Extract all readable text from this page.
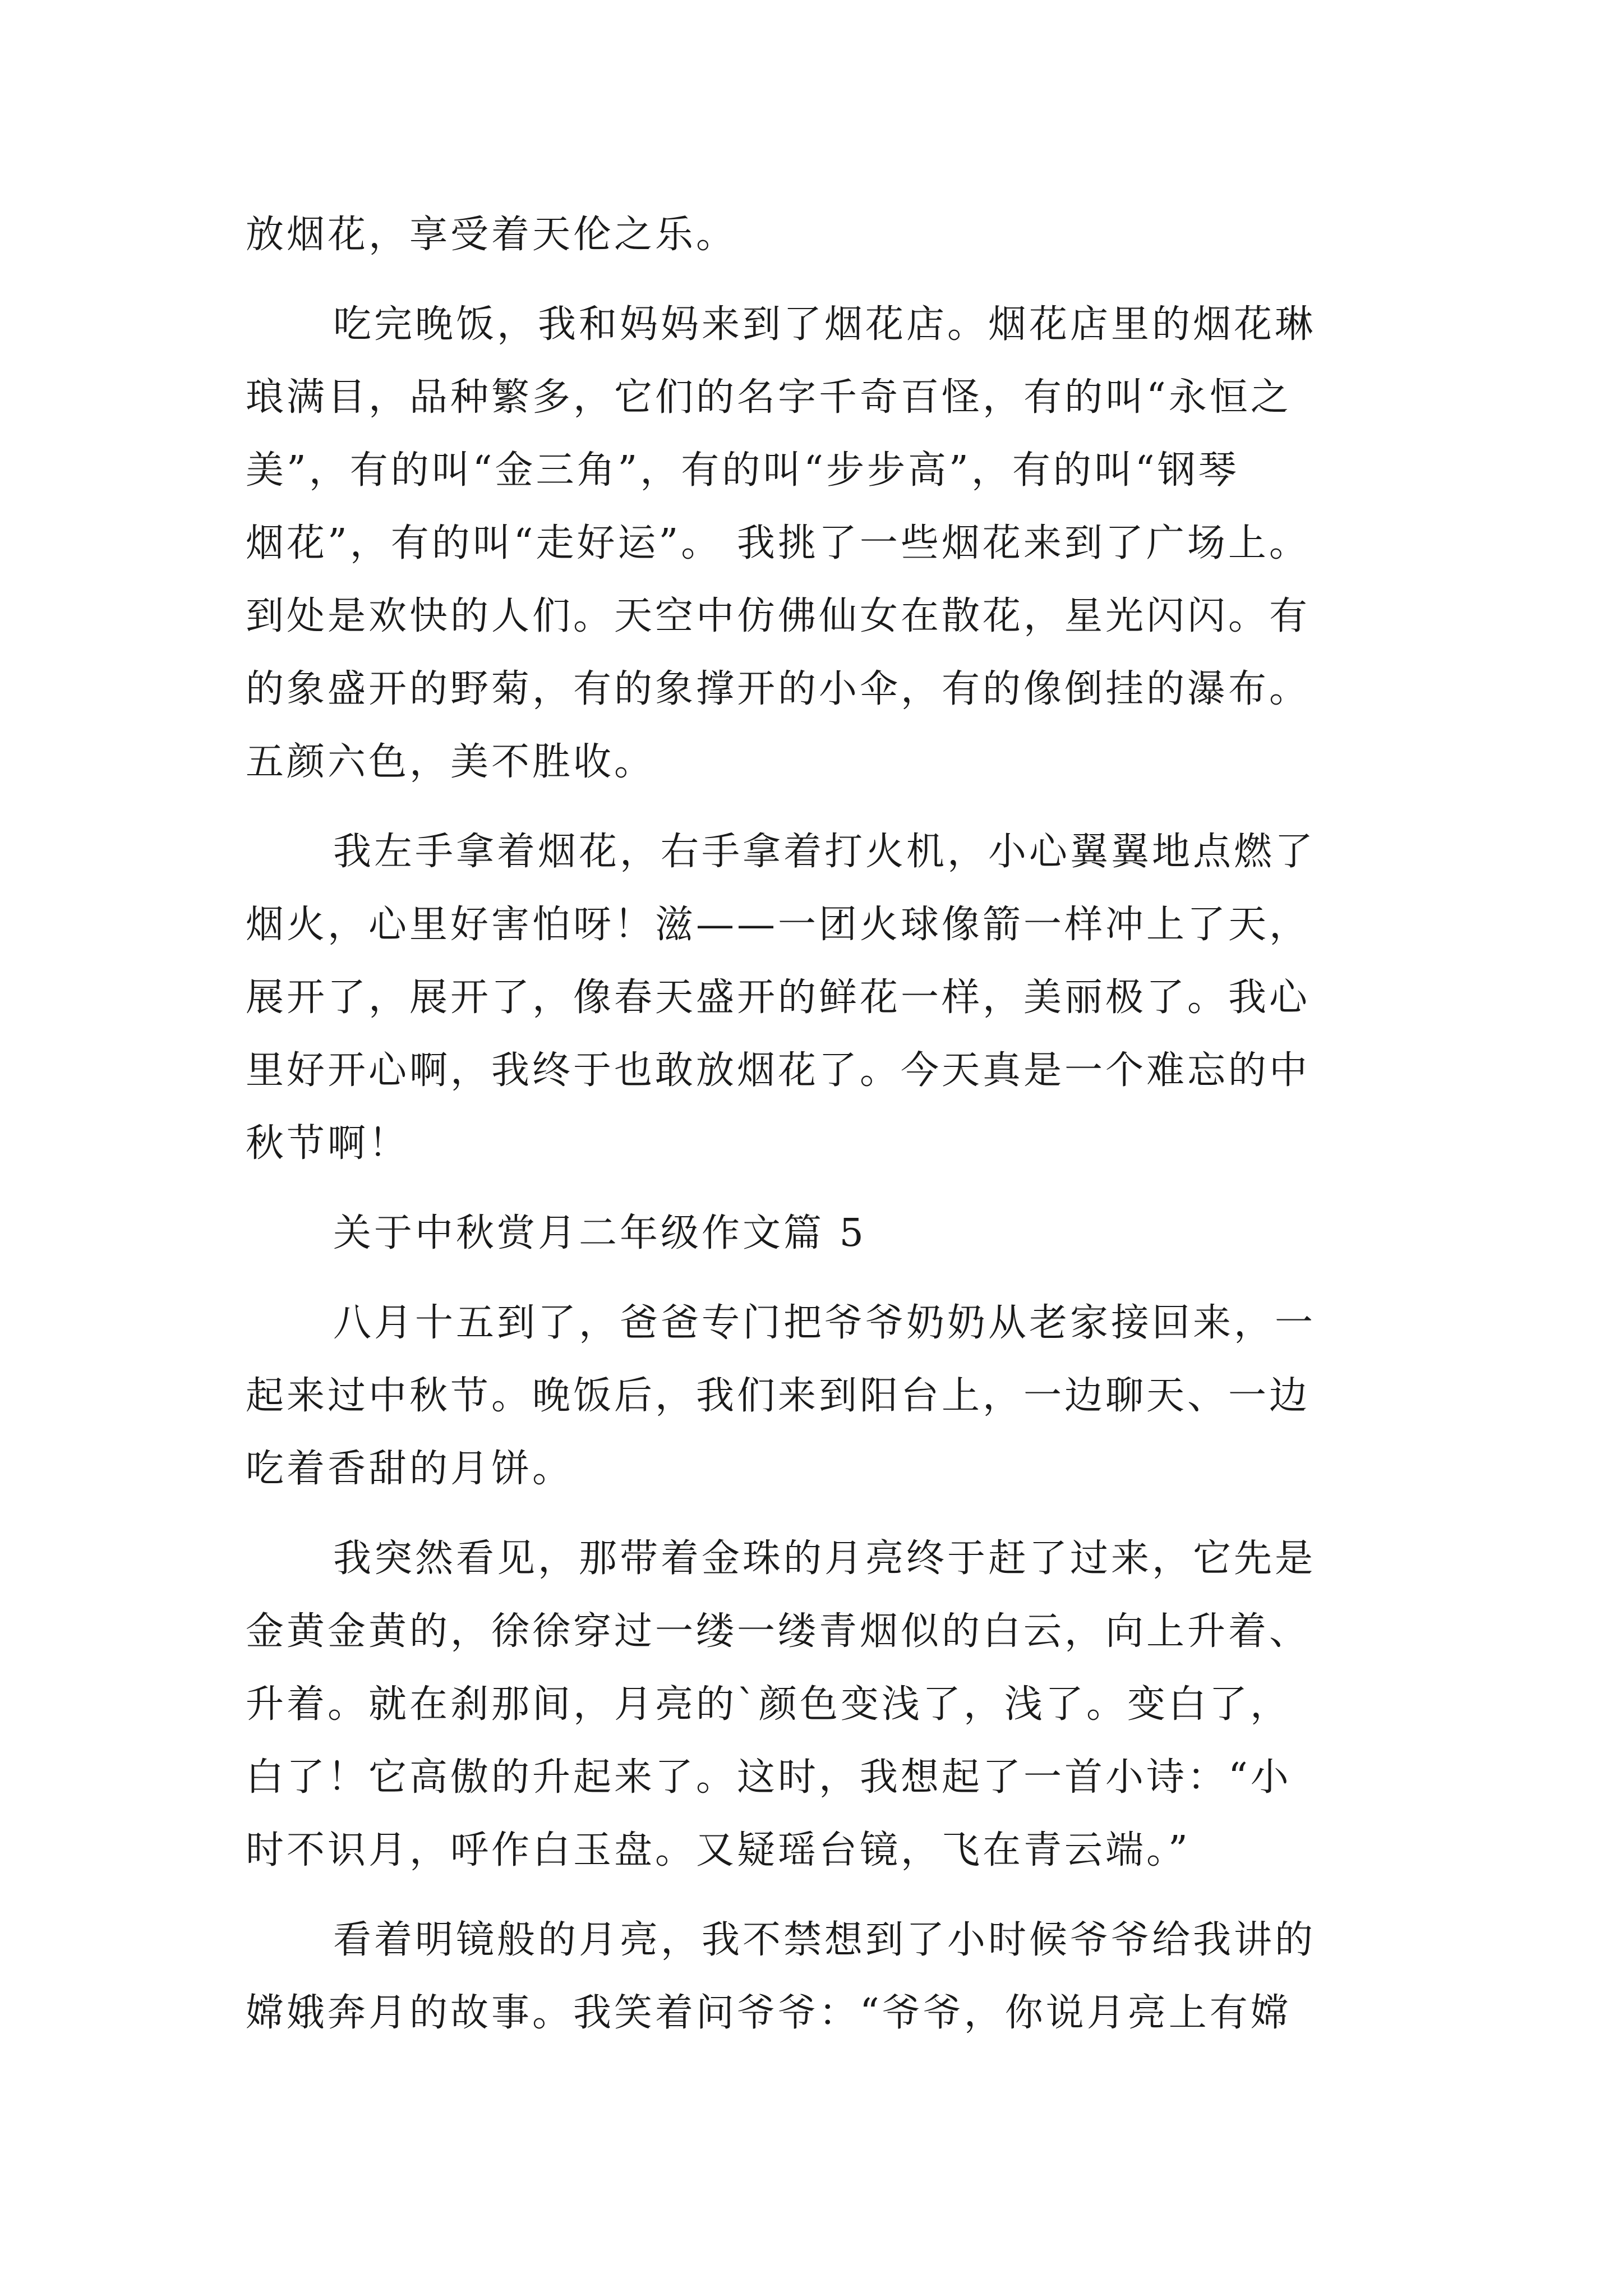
放烟花，享受着天伦之乐。
吃完晚饭，我和妈妈来到了烟花店。烟花店里的烟花琳
琅满目，品种繁多，它们的名字千奇百怪，有的叫“永恒之
美”，有的叫“金三角”，有的叫“步步高”，有的叫“钢琴
烟花”，有的叫“走好运”。 我挑了一些烟花来到了广场上。
到处是欢快的人们。天空中仿佛仙女在散花，星光闪闪。有
的象盛开的野菊，有的象撑开的小伞，有的像倒挂的瀑布。
五颜六色，美不胜收。
我左手拿着烟花，右手拿着打火机，小心翼翼地点燃了
烟火，心里好害怕呀！滋——一团火球像箭一样冲上了天，
展开了，展开了，像春天盛开的鲜花一样，美丽极了。我心
里好开心啊，我终于也敢放烟花了。今天真是一个难忘的中
秋节啊！
关于中秋赏月二年级作文篇 5
八月十五到了，爸爸专门把爷爷奶奶从老家接回来，一
起来过中秋节。晚饭后，我们来到阳台上，一边聊天、一边
吃着香甜的月饼。
我突然看见，那带着金珠的月亮终于赶了过来，它先是
金黄金黄的，徐徐穿过一缕一缕青烟似的白云，向上升着、
升着。就在刹那间，月亮的`颜色变浅了，浅了。变白了，
白了！它高傲的升起来了。这时，我想起了一首小诗：“小
时不识月，呼作白玉盘。又疑瑶台镜，飞在青云端。”
看着明镜般的月亮，我不禁想到了小时候爷爷给我讲的
嫦娥奔月的故事。我笑着问爷爷：“爷爷，你说月亮上有嫦
